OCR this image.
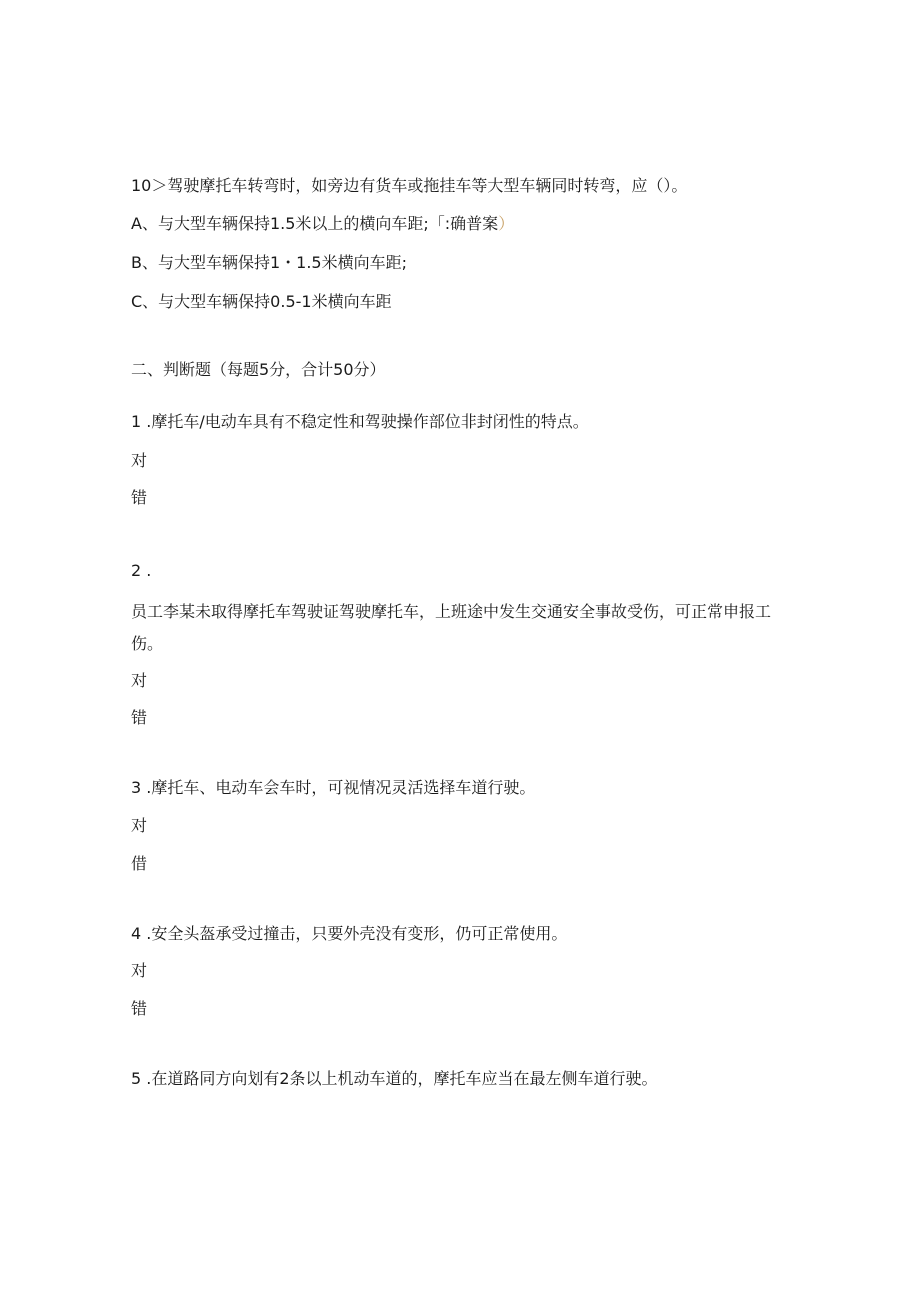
10＞驾驶摩托车转弯时，如旁边有货车或拖挂车等大型车辆同时转弯，应（）。
A、与大型车辆保持1.5米以上的横向车距;「:确普案）
B、与大型车辆保持1・1.5米横向车距;
C、与大型车辆保持0.5-1米横向车距
二、判断题（每题5分，合计50分）
1 .摩托车/电动车具有不稳定性和驾驶操作部位非封闭性的特点。
对
错
2 .
员工李某未取得摩托车驾驶证驾驶摩托车，上班途中发生交通安全事故受伤，可正常申报工伤。
对
错
3 .摩托车、电动车会车时，可视情况灵活选择车道行驶。
对
借
4 .安全头盔承受过撞击，只要外壳没有变形，仍可正常使用。
对
错
5 .在道路同方向划有2条以上机动车道的，摩托车应当在最左侧车道行驶。
